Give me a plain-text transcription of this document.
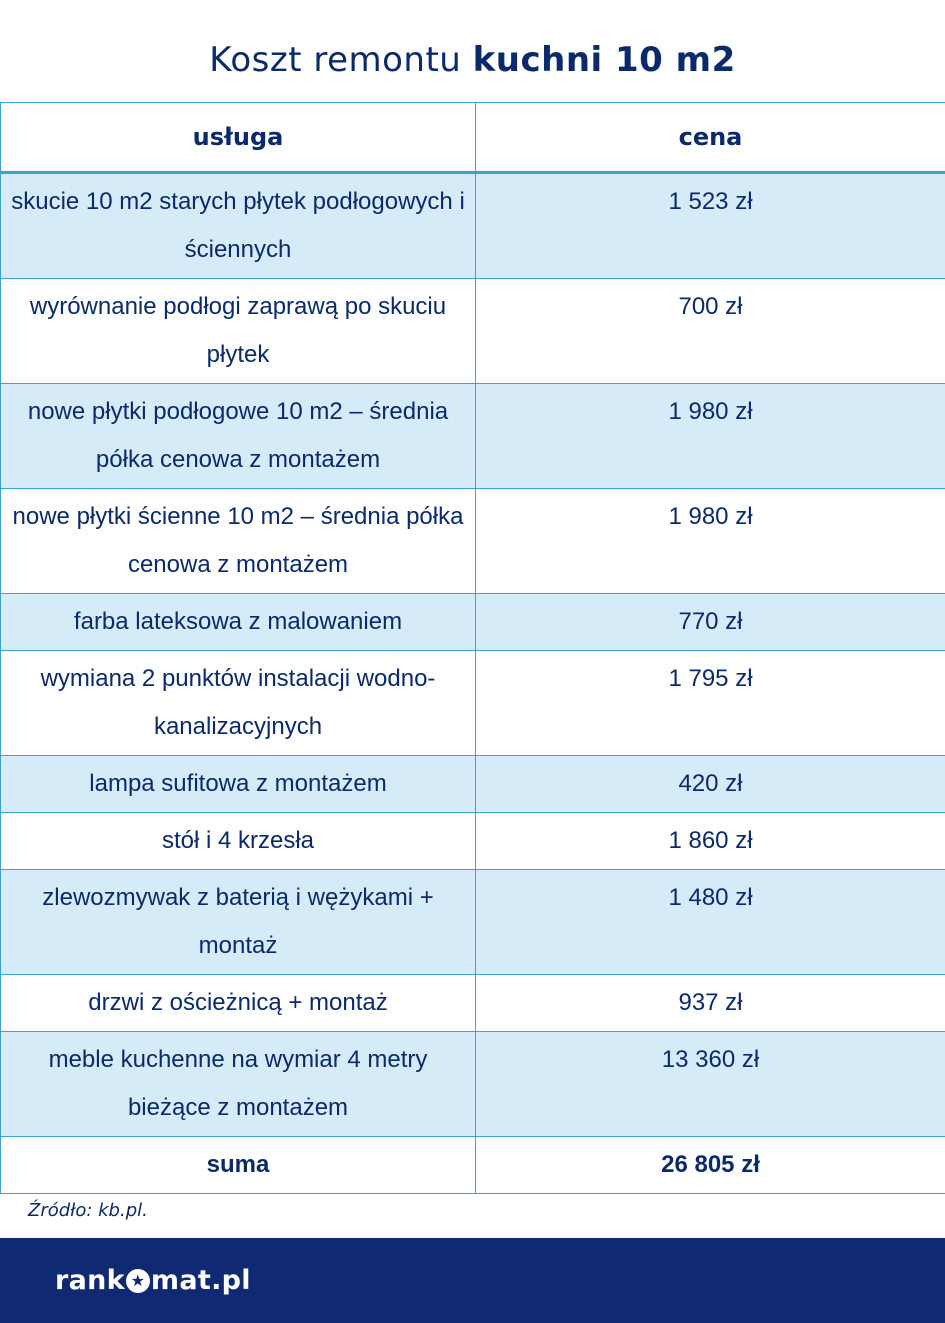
Koszt remontu kuchni 10 m2
usługa	cena
skucie 10 m2 starych płytek podłogowych i ściennych	1 523 zł
wyrównanie podłogi zaprawą po skuciu płytek	700 zł
nowe płytki podłogowe 10 m2 – średnia półka cenowa z montażem	1 980 zł
nowe płytki ścienne 10 m2 – średnia półka cenowa z montażem	1 980 zł
farba lateksowa z malowaniem	770 zł
wymiana 2 punktów instalacji wodno-kanalizacyjnych	1 795 zł
lampa sufitowa z montażem	420 zł
stół i 4 krzesła	1 860 zł
zlewozmywak z baterią i wężykami + montaż	1 480 zł
drzwi z ościeżnicą + montaż	937 zł
meble kuchenne na wymiar 4 metry bieżące z montażem	13 360 zł
suma	26 805 zł
Źródło: kb.pl.
rank ★ mat.pl
